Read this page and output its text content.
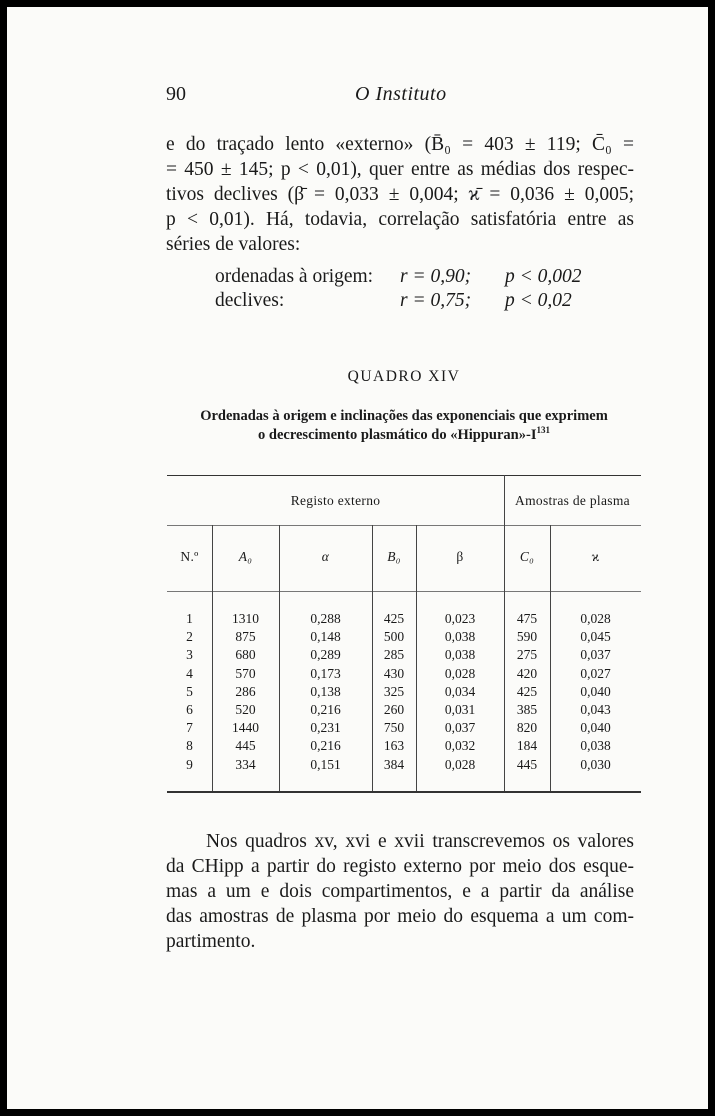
90	O Instituto
e do traçado lento «externo» (B̄₀ = 403 ± 119; C̄₀ =
= 450 ± 145; p < 0,01), quer entre as médias dos respec-
tivos declives (β̄ = 0,033 ± 0,004; ϰ̄ = 0,036 ± 0,005;
p < 0,01). Há, todavia, correlação satisfatória entre as
séries de valores:
ordenadas à origem: r = 0,90; p < 0,002
declives:	r = 0,75; p < 0,02
QUADRO XIV
Ordenadas à origem e inclinações das exponenciais que exprimem
o decrescimento plasmático do «$Hippuran»-I^{131}$
Registo externo	Amostras de plasma
N.º	A₀	α	B₀	β	C₀	ϰ
1	1310	0,288	425	0,023	475	0,028
2	875	0,148	500	0,038	590	0,045
3	680	0,289	285	0,038	275	0,037
4	570	0,173	430	0,028	420	0,027
5	286	0,138	325	0,034	425	0,040
6	520	0,216	260	0,031	385	0,043
7	1440	0,231	750	0,037	820	0,040
8	445	0,216	163	0,032	184	0,038
9	334	0,151	384	0,028	445	0,030
Nos quadros xv, xvi e xvii transcrevemos os valores
da CHipp a partir do registo externo por meio dos esque-
mas a um e dois compartimentos, e a partir da análise
das amostras de plasma por meio do esquema a um com-
partimento.
